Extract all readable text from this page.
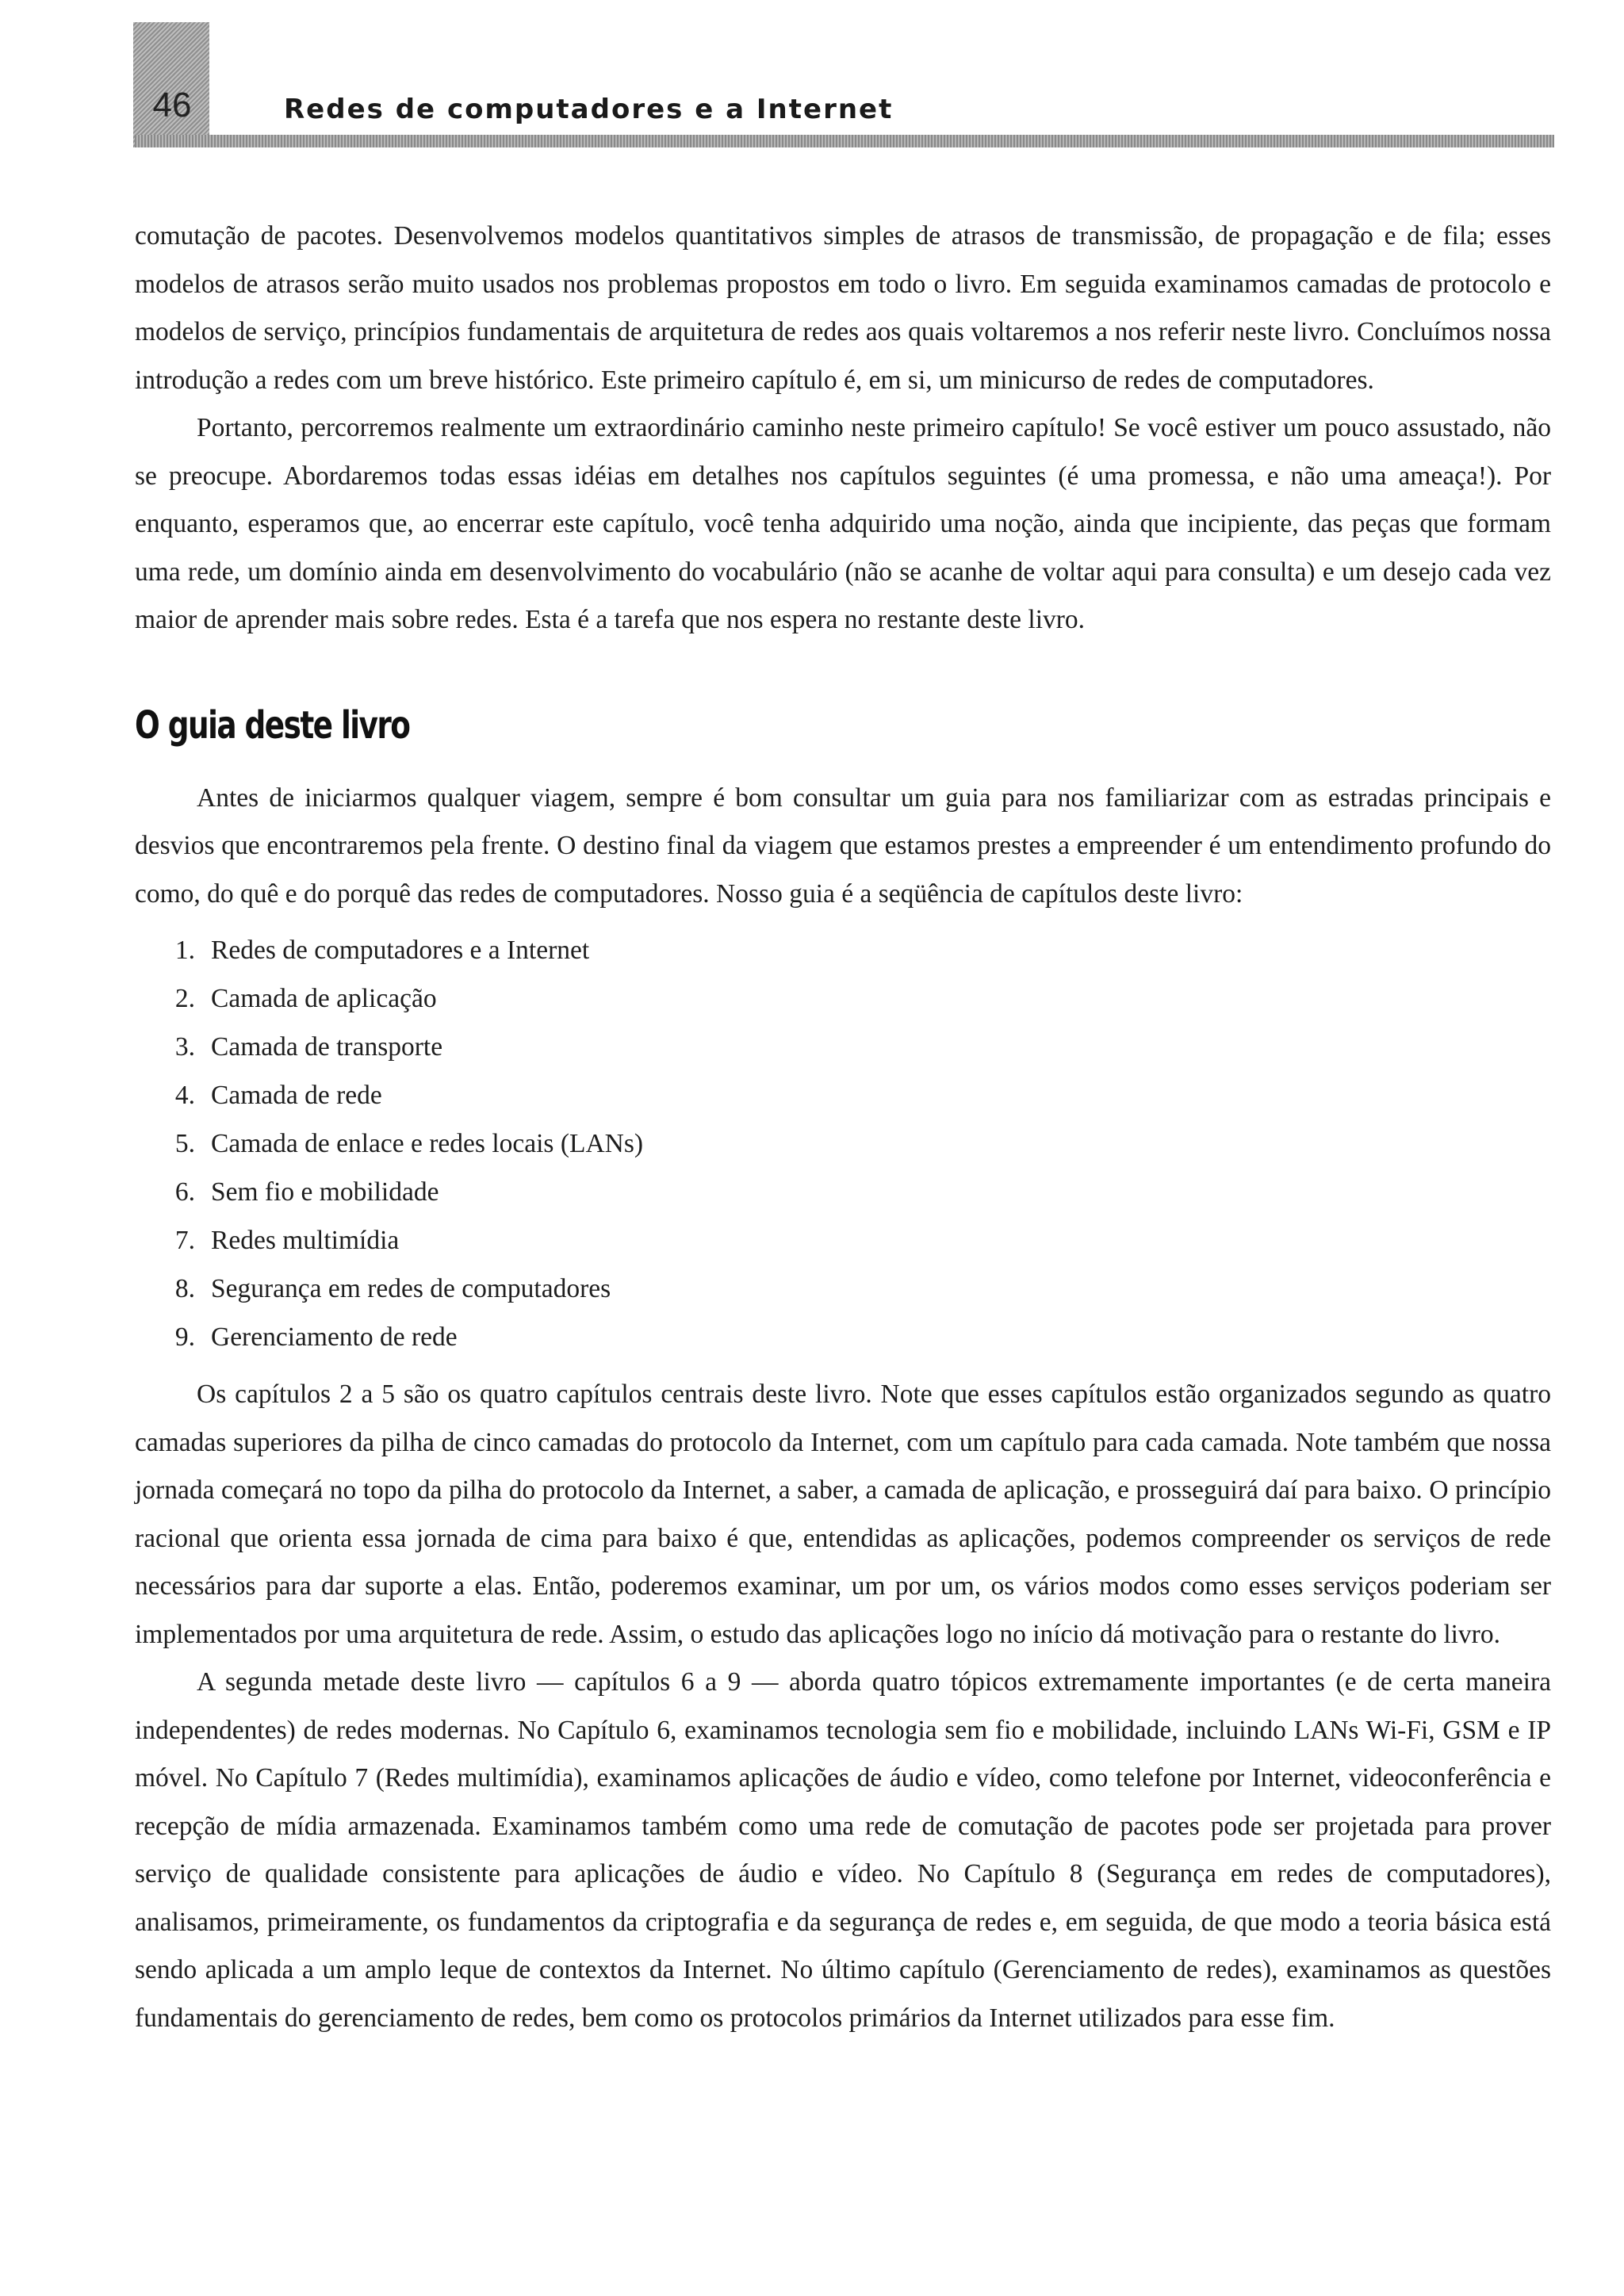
46	Redes de computadores e a Internet

comutação de pacotes. Desenvolvemos modelos quantitativos simples de atrasos de transmissão, de propagação e de fila; esses modelos de atrasos serão muito usados nos problemas propostos em todo o livro. Em seguida examinamos camadas de protocolo e modelos de serviço, princípios fundamentais de arquitetura de redes aos quais voltaremos a nos referir neste livro. Concluímos nossa introdução a redes com um breve histórico. Este primeiro capítulo é, em si, um minicurso de redes de computadores.

Portanto, percorremos realmente um extraordinário caminho neste primeiro capítulo! Se você estiver um pouco assustado, não se preocupe. Abordaremos todas essas idéias em detalhes nos capítulos seguintes (é uma promessa, e não uma ameaça!). Por enquanto, esperamos que, ao encerrar este capítulo, você tenha adquirido uma noção, ainda que incipiente, das peças que formam uma rede, um domínio ainda em desenvolvimento do vocabulário (não se acanhe de voltar aqui para consulta) e um desejo cada vez maior de aprender mais sobre redes. Esta é a tarefa que nos espera no restante deste livro.

O guia deste livro

Antes de iniciarmos qualquer viagem, sempre é bom consultar um guia para nos familiarizar com as estradas principais e desvios que encontraremos pela frente. O destino final da viagem que estamos prestes a empreender é um entendimento profundo do como, do quê e do porquê das redes de computadores. Nosso guia é a seqüência de capítulos deste livro:

1. Redes de computadores e a Internet
2. Camada de aplicação
3. Camada de transporte
4. Camada de rede
5. Camada de enlace e redes locais (LANs)
6. Sem fio e mobilidade
7. Redes multimídia
8. Segurança em redes de computadores
9. Gerenciamento de rede

Os capítulos 2 a 5 são os quatro capítulos centrais deste livro. Note que esses capítulos estão organizados segundo as quatro camadas superiores da pilha de cinco camadas do protocolo da Internet, com um capítulo para cada camada. Note também que nossa jornada começará no topo da pilha do protocolo da Internet, a saber, a camada de aplicação, e prosseguirá daí para baixo. O princípio racional que orienta essa jornada de cima para baixo é que, entendidas as aplicações, podemos compreender os serviços de rede necessários para dar suporte a elas. Então, poderemos examinar, um por um, os vários modos como esses serviços poderiam ser implementados por uma arquitetura de rede. Assim, o estudo das aplicações logo no início dá motivação para o restante do livro.

A segunda metade deste livro — capítulos 6 a 9 — aborda quatro tópicos extremamente importantes (e de certa maneira independentes) de redes modernas. No Capítulo 6, examinamos tecnologia sem fio e mobilidade, incluindo LANs Wi-Fi, GSM e IP móvel. No Capítulo 7 (Redes multimídia), examinamos aplicações de áudio e vídeo, como telefone por Internet, videoconferência e recepção de mídia armazenada. Examinamos também como uma rede de comutação de pacotes pode ser projetada para prover serviço de qualidade consistente para aplicações de áudio e vídeo. No Capítulo 8 (Segurança em redes de computadores), analisamos, primeiramente, os fundamentos da criptografia e da segurança de redes e, em seguida, de que modo a teoria básica está sendo aplicada a um amplo leque de contextos da Internet. No último capítulo (Gerenciamento de redes), examinamos as questões fundamentais do gerenciamento de redes, bem como os protocolos primários da Internet utilizados para esse fim.
